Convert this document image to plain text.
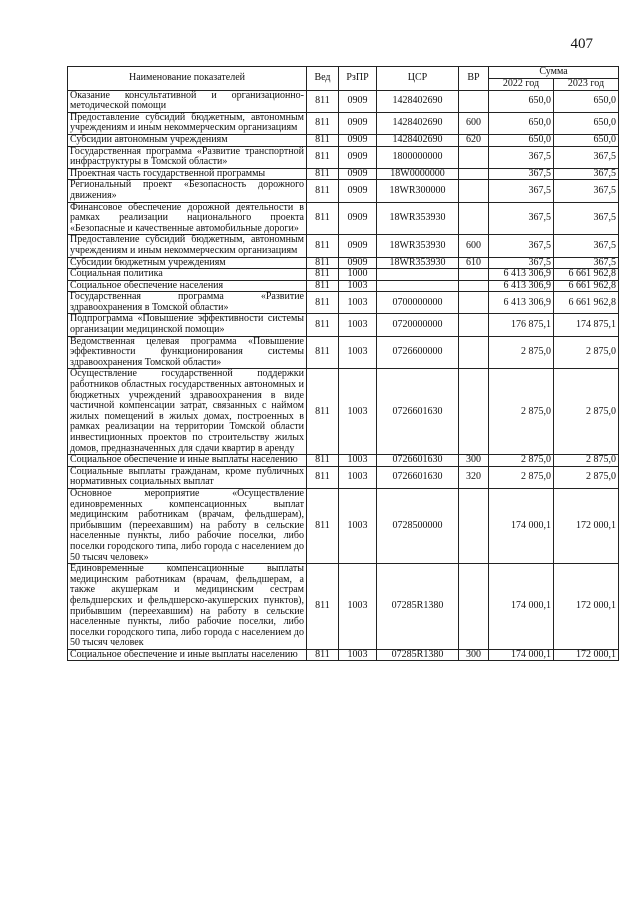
407
Наименование показателей	Вед	РзПР	ЦСР	ВР	Сумма	
					2022 год	2023 год
Оказание консультативной и организационно-методической помощи	811	0909	1428402690		650,0	650,0
Предоставление субсидий бюджетным, автономным учреждениям и иным некоммерческим организациям	811	0909	1428402690	600	650,0	650,0
Субсидии автономным учреждениям	811	0909	1428402690	620	650,0	650,0
Государственная программа «Развитие транспортной инфраструктуры в Томской области»	811	0909	1800000000		367,5	367,5
Проектная часть государственной программы	811	0909	18W0000000		367,5	367,5
Региональный проект «Безопасность дорожного движения»	811	0909	18WR300000		367,5	367,5
Финансовое обеспечение дорожной деятельности в рамках реализации национального проекта «Безопасные и качественные автомобильные дороги»	811	0909	18WR353930		367,5	367,5
Предоставление субсидий бюджетным, автономным учреждениям и иным некоммерческим организациям	811	0909	18WR353930	600	367,5	367,5
Субсидии бюджетным учреждениям	811	0909	18WR353930	610	367,5	367,5
Социальная политика	811	1000			6 413 306,9	6 661 962,8
Социальное обеспечение населения	811	1003			6 413 306,9	6 661 962,8
Государственная программа «Развитие здравоохранения в Томской области»	811	1003	0700000000		6 413 306,9	6 661 962,8
Подпрограмма «Повышение эффективности системы организации медицинской помощи»	811	1003	0720000000		176 875,1	174 875,1
Ведомственная целевая программа «Повышение эффективности функционирования системы здравоохранения Томской области»	811	1003	0726600000		2 875,0	2 875,0
Осуществление государственной поддержки работников областных государственных автономных и бюджетных учреждений здравоохранения в виде частичной компенсации затрат, связанных с наймом жилых помещений в жилых домах, построенных в рамках реализации на территории Томской области инвестиционных проектов по строительству жилых домов, предназначенных для сдачи квартир в аренду	811	1003	0726601630		2 875,0	2 875,0
Социальное обеспечение и иные выплаты населению	811	1003	0726601630	300	2 875,0	2 875,0
Социальные выплаты гражданам, кроме публичных нормативных социальных выплат	811	1003	0726601630	320	2 875,0	2 875,0
Основное мероприятие «Осуществление единовременных компенсационных выплат медицинским работникам (врачам, фельдшерам), прибывшим (переехавшим) на работу в сельские населенные пункты, либо рабочие поселки, либо поселки городского типа, либо города с населением до 50 тысяч человек»	811	1003	0728500000		174 000,1	172 000,1
Единовременные компенсационные выплаты медицинским работникам (врачам, фельдшерам, а также акушеркам и медицинским сестрам фельдшерских и фельдшерско-акушерских пунктов), прибывшим (переехавшим) на работу в сельские населенные пункты, либо рабочие поселки, либо поселки городского типа, либо города с населением до 50 тысяч человек	811	1003	07285R1380		174 000,1	172 000,1
Социальное обеспечение и иные выплаты населению	811	1003	07285R1380	300	174 000,1	172 000,1
